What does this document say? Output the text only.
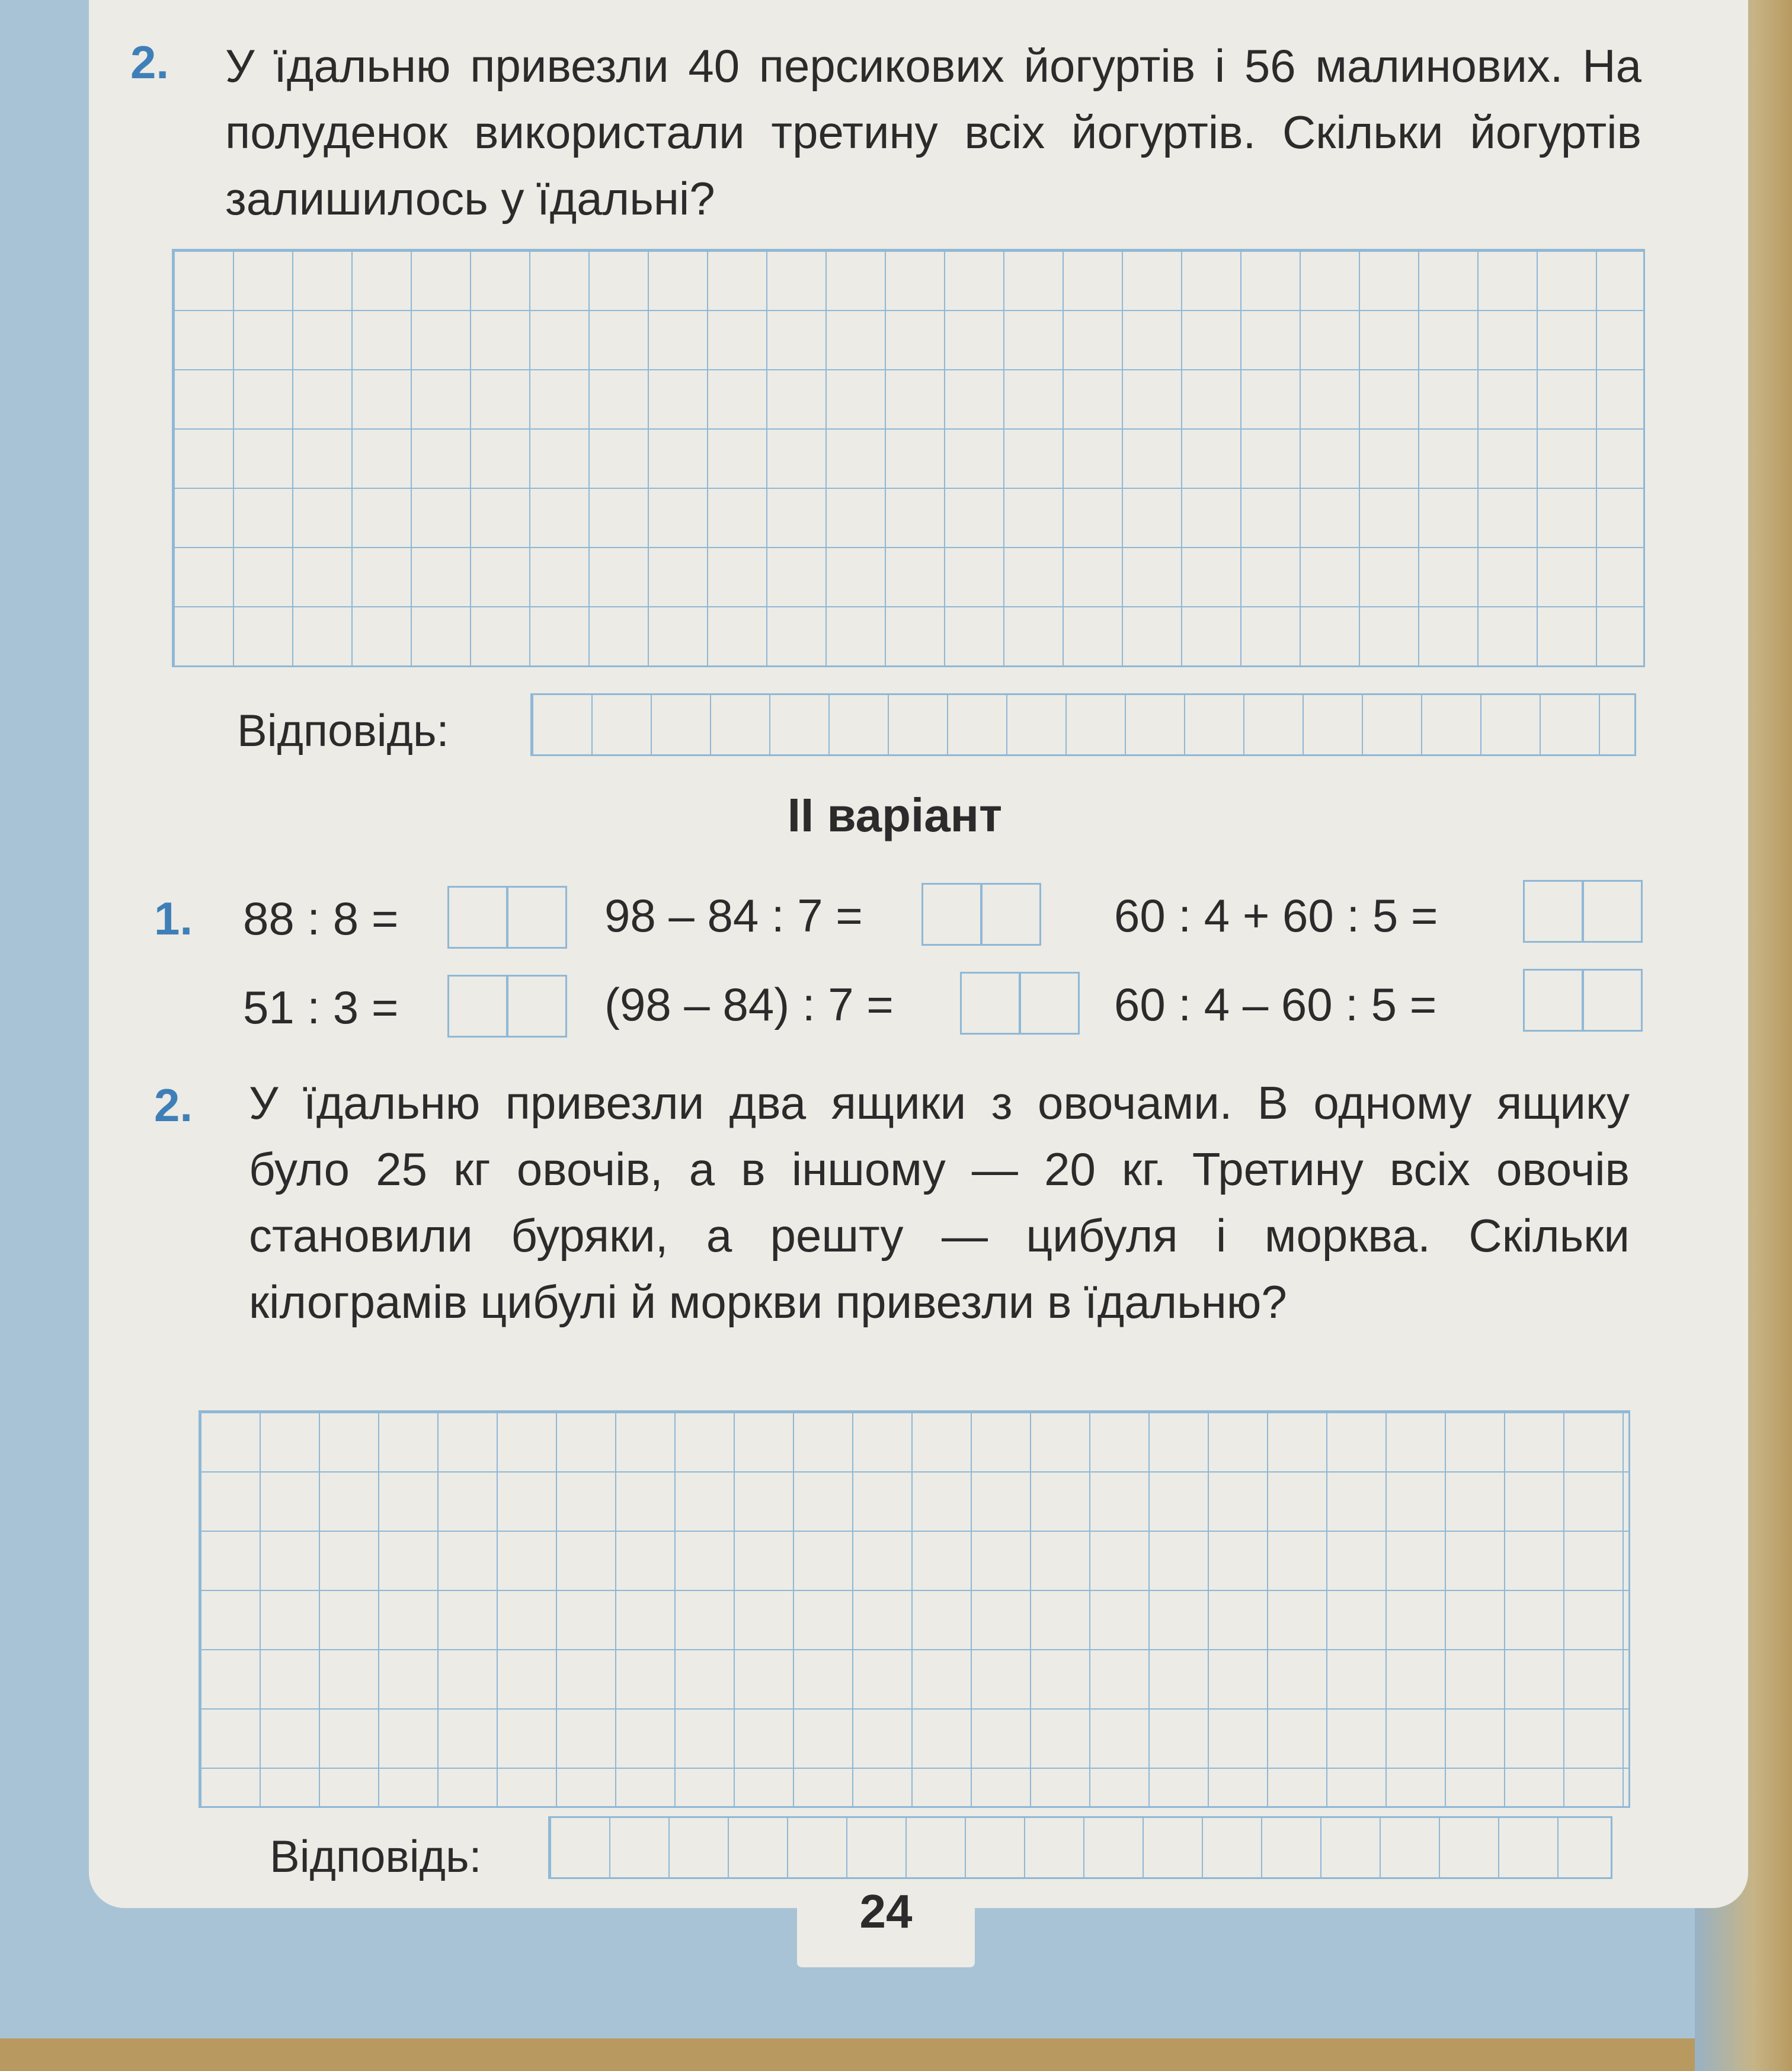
2. У їдальню привезли 40 персикових йогуртів і 56 малинових. На полуденок використали третину всіх йогуртів. Скільки йогуртів залишилось у їдальні?
Відповідь:
II варіант
1. 88 : 8 =	98 – 84 : 7 =	60 : 4 + 60 : 5 =
51 : 3 =	(98 – 84) : 7 =	60 : 4 – 60 : 5 =
2. У їдальню привезли два ящики з овочами. В одному ящику було 25 кг овочів, а в іншому — 20 кг. Третину всіх овочів становили буряки, а решту — цибуля і морква. Скільки кілограмів цибулі й моркви привезли в їдальню?
Відповідь:
24
